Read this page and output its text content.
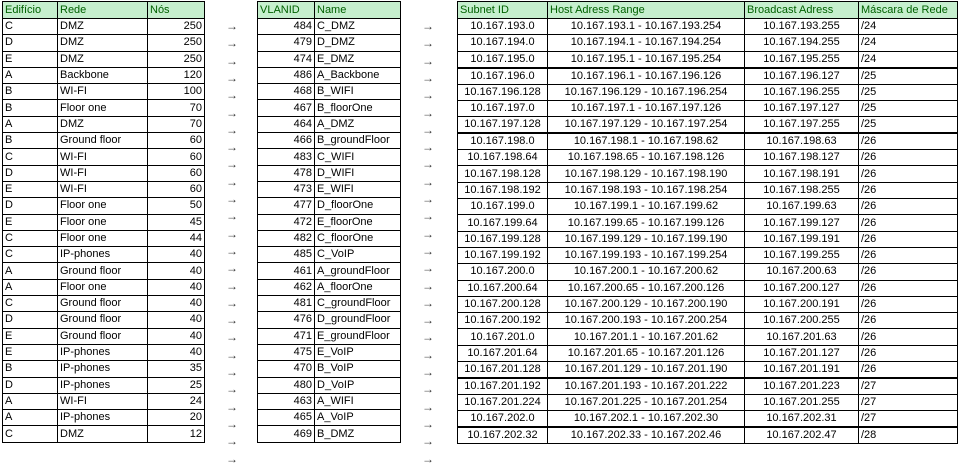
Edifício	Rede	Nós
C	DMZ	250
D	DMZ	250
E	DMZ	250
A	Backbone	120
B	WI-FI	100
B	Floor one	70
A	DMZ	70
B	Ground floor	60
C	WI-FI	60
D	WI-FI	60
E	WI-FI	60
D	Floor one	50
E	Floor one	45
C	Floor one	44
C	IP-phones	40
A	Ground floor	40
A	Floor one	40
C	Ground floor	40
D	Ground floor	40
E	Ground floor	40
E	IP-phones	40
B	IP-phones	35
D	IP-phones	25
A	WI-FI	24
A	IP-phones	20
C	DMZ	12
→
→
→
→
→
→
→
→
→
→
→
→
→
→
→
→
→
→
→
→
→
→
→
→
→
→
→
→
→
→
→
→
→
→
→
→
→
→
→
→
→
→
→
→
→
→
→
→
→
→
→
→
VLANID	Name
484	C_DMZ
479	D_DMZ
474	E_DMZ
486	A_Backbone
468	B_WIFI
467	B_floorOne
464	A_DMZ
466	B_groundFloor
483	C_WIFI
478	D_WIFI
473	E_WIFI
477	D_floorOne
472	E_floorOne
482	C_floorOne
485	C_VoIP
461	A_groundFloor
462	A_floorOne
481	C_groundFloor
476	D_groundFloor
471	E_groundFloor
475	E_VoIP
470	B_VoIP
480	D_VoIP
463	A_WIFI
465	A_VoIP
469	B_DMZ
Subnet ID	Host Adress Range	Broadcast Adress	Máscara de Rede
10.167.193.0	10.167.193.1 - 10.167.193.254	10.167.193.255	/24
10.167.194.0	10.167.194.1 - 10.167.194.254	10.167.194.255	/24
10.167.195.0	10.167.195.1 - 10.167.195.254	10.167.195.255	/24
10.167.196.0	10.167.196.1 - 10.167.196.126	10.167.196.127	/25
10.167.196.128	10.167.196.129 - 10.167.196.254	10.167.196.255	/25
10.167.197.0	10.167.197.1 - 10.167.197.126	10.167.197.127	/25
10.167.197.128	10.167.197.129 - 10.167.197.254	10.167.197.255	/25
10.167.198.0	10.167.198.1 - 10.167.198.62	10.167.198.63	/26
10.167.198.64	10.167.198.65 - 10.167.198.126	10.167.198.127	/26
10.167.198.128	10.167.198.129 - 10.167.198.190	10.167.198.191	/26
10.167.198.192	10.167.198.193 - 10.167.198.254	10.167.198.255	/26
10.167.199.0	10.167.199.1 - 10.167.199.62	10.167.199.63	/26
10.167.199.64	10.167.199.65 - 10.167.199.126	10.167.199.127	/26
10.167.199.128	10.167.199.129 - 10.167.199.190	10.167.199.191	/26
10.167.199.192	10.167.199.193 - 10.167.199.254	10.167.199.255	/26
10.167.200.0	10.167.200.1 - 10.167.200.62	10.167.200.63	/26
10.167.200.64	10.167.200.65 - 10.167.200.126	10.167.200.127	/26
10.167.200.128	10.167.200.129 - 10.167.200.190	10.167.200.191	/26
10.167.200.192	10.167.200.193 - 10.167.200.254	10.167.200.255	/26
10.167.201.0	10.167.201.1 - 10.167.201.62	10.167.201.63	/26
10.167.201.64	10.167.201.65 - 10.167.201.126	10.167.201.127	/26
10.167.201.128	10.167.201.129 - 10.167.201.190	10.167.201.191	/26
10.167.201.192	10.167.201.193 - 10.167.201.222	10.167.201.223	/27
10.167.201.224	10.167.201.225 - 10.167.201.254	10.167.201.255	/27
10.167.202.0	10.167.202.1 - 10.167.202.30	10.167.202.31	/27
10.167.202.32	10.167.202.33 - 10.167.202.46	10.167.202.47	/28
